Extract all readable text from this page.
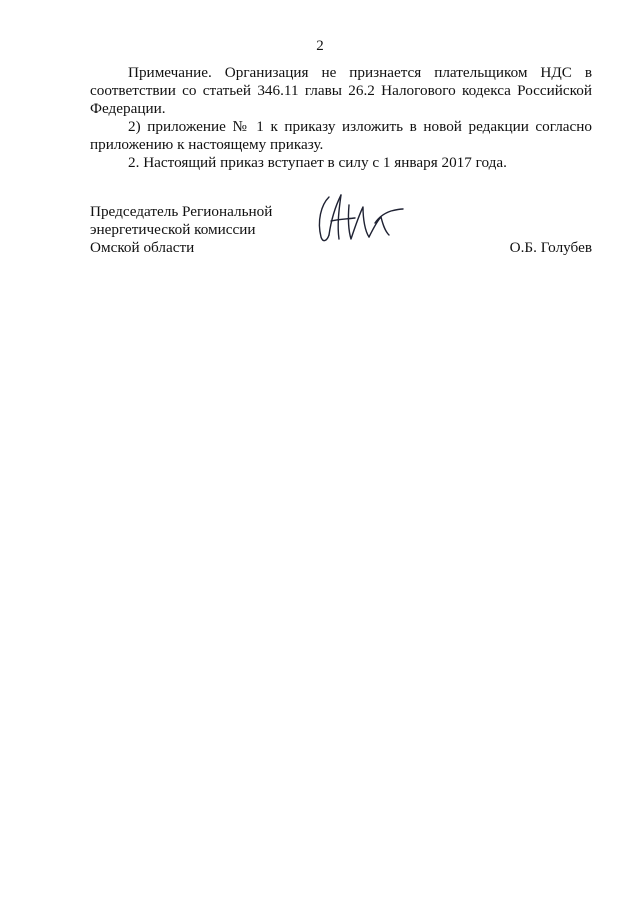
2

Примечание. Организация не признается плательщиком НДС в соответствии со статьей 346.11 главы 26.2 Налогового кодекса Российской Федерации.

2) приложение № 1 к приказу изложить в новой редакции согласно приложению к настоящему приказу.

2. Настоящий приказ вступает в силу с 1 января 2017 года.

Председатель Региональной
энергетической комиссии
Омской области	О.Б. Голубев
